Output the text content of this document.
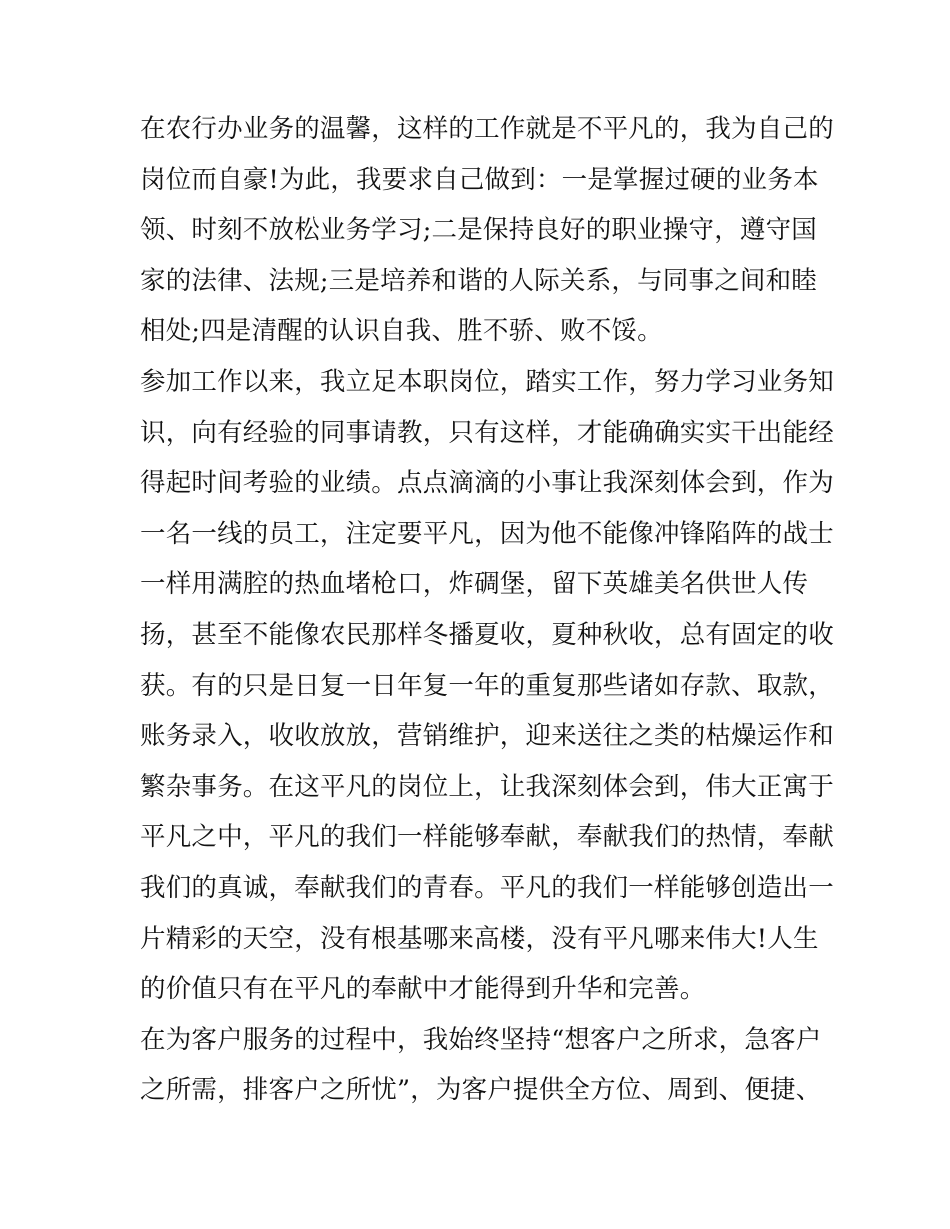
在农行办业务的温馨，这样的工作就是不平凡的，我为自己的
岗位而自豪!为此，我要求自己做到：一是掌握过硬的业务本
领、时刻不放松业务学习;二是保持良好的职业操守，遵守国
家的法律、法规;三是培养和谐的人际关系，与同事之间和睦
相处;四是清醒的认识自我、胜不骄、败不馁。
参加工作以来，我立足本职岗位，踏实工作，努力学习业务知
识，向有经验的同事请教，只有这样，才能确确实实干出能经
得起时间考验的业绩。点点滴滴的小事让我深刻体会到，作为
一名一线的员工，注定要平凡，因为他不能像冲锋陷阵的战士
一样用满腔的热血堵枪口，炸碉堡，留下英雄美名供世人传
扬，甚至不能像农民那样冬播夏收，夏种秋收，总有固定的收
获。有的只是日复一日年复一年的重复那些诸如存款、取款，
账务录入，收收放放，营销维护，迎来送往之类的枯燥运作和
繁杂事务。在这平凡的岗位上，让我深刻体会到，伟大正寓于
平凡之中，平凡的我们一样能够奉献，奉献我们的热情，奉献
我们的真诚，奉献我们的青春。平凡的我们一样能够创造出一
片精彩的天空，没有根基哪来高楼，没有平凡哪来伟大!人生
的价值只有在平凡的奉献中才能得到升华和完善。
在为客户服务的过程中，我始终坚持“想客户之所求，急客户
之所需，排客户之所忧”，为客户提供全方位、周到、便捷、
